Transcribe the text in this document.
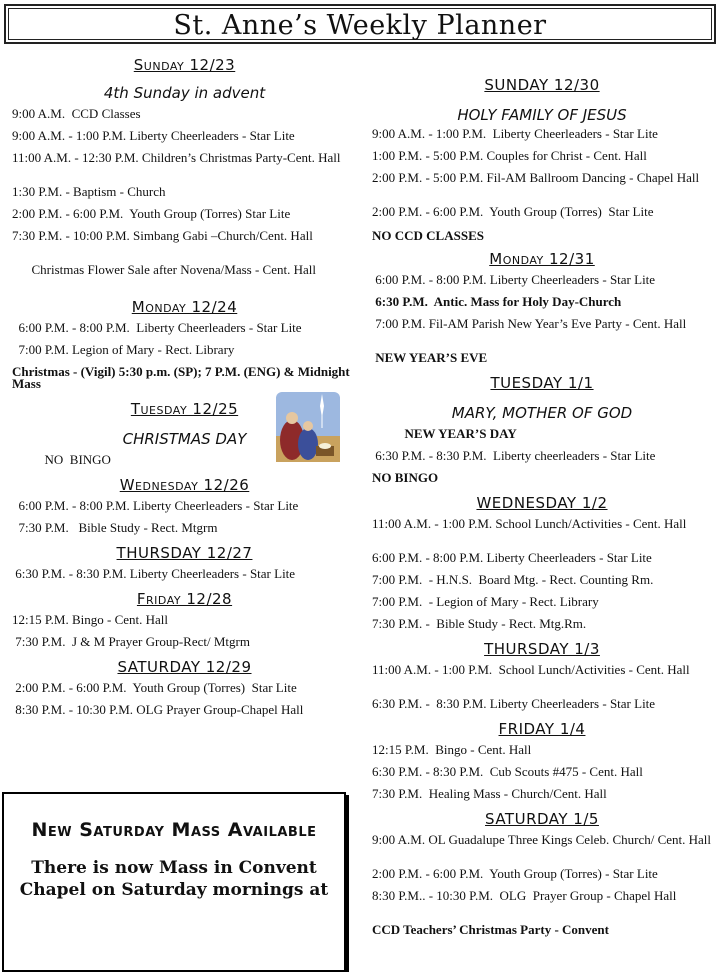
St. Anne’s Weekly Planner
Sunday 12/23
4th Sunday in advent
9:00 A.M.  CCD Classes
9:00 A.M. - 1:00 P.M. Liberty Cheerleaders - Star Lite
11:00 A.M. - 12:30 P.M. Children’s Christmas Party-Cent. Hall
1:30 P.M. - Baptism - Church
2:00 P.M. - 6:00 P.M.  Youth Group (Torres) Star Lite
7:30 P.M. - 10:00 P.M. Simbang Gabi –Church/Cent. Hall
Christmas Flower Sale after Novena/Mass - Cent. Hall
Monday 12/24
6:00 P.M. - 8:00 P.M.  Liberty Cheerleaders - Star Lite
7:00 P.M. Legion of Mary - Rect. Library
Christmas - (Vigil) 5:30 p.m. (SP); 7 P.M. (ENG) & Midnight Mass
Tuesday 12/25
CHRISTMAS DAY
NO  BINGO
Wednesday 12/26
6:00 P.M. - 8:00 P.M. Liberty Cheerleaders - Star Lite
7:30 P.M.   Bible Study - Rect. Mtgrm
THURSDAY 12/27
6:30 P.M. - 8:30 P.M. Liberty Cheerleaders - Star Lite
Friday 12/28
12:15 P.M. Bingo - Cent. Hall
7:30 P.M.  J & M Prayer Group-Rect/ Mtgrm
SATURDAY 12/29
2:00 P.M. - 6:00 P.M.  Youth Group (Torres)  Star Lite
8:30 P.M. - 10:30 P.M. OLG Prayer Group-Chapel Hall
SUNDAY 12/30
HOLY FAMILY OF JESUS
9:00 A.M. - 1:00 P.M.  Liberty Cheerleaders - Star Lite
1:00 P.M. - 5:00 P.M. Couples for Christ - Cent. Hall
2:00 P.M. - 5:00 P.M. Fil-AM Ballroom Dancing - Chapel Hall
2:00 P.M. - 6:00 P.M.  Youth Group (Torres)  Star Lite
NO CCD CLASSES
Monday 12/31
6:00 P.M. - 8:00 P.M. Liberty Cheerleaders - Star Lite
6:30 P.M.  Antic. Mass for Holy Day-Church
7:00 P.M. Fil-AM Parish New Year’s Eve Party - Cent. Hall
NEW YEAR’S EVE
TUESDAY 1/1
MARY, MOTHER OF GOD
NEW YEAR’S DAY
6:30 P.M. - 8:30 P.M.  Liberty cheerleaders - Star Lite
NO BINGO
WEDNESDAY 1/2
11:00 A.M. - 1:00 P.M. School Lunch/Activities - Cent. Hall
6:00 P.M. - 8:00 P.M. Liberty Cheerleaders - Star Lite
7:00 P.M.  - H.N.S.  Board Mtg. - Rect. Counting Rm.
7:00 P.M.  - Legion of Mary - Rect. Library
7:30 P.M. -  Bible Study - Rect. Mtg.Rm.
THURSDAY 1/3
11:00 A.M. - 1:00 P.M.  School Lunch/Activities - Cent. Hall
6:30 P.M. -  8:30 P.M. Liberty Cheerleaders - Star Lite
FRIDAY 1/4
12:15 P.M.  Bingo - Cent. Hall
6:30 P.M. - 8:30 P.M.  Cub Scouts #475 - Cent. Hall
7:30 P.M.  Healing Mass - Church/Cent. Hall
SATURDAY 1/5
9:00 A.M. OL Guadalupe Three Kings Celeb. Church/ Cent. Hall
2:00 P.M. - 6:00 P.M.  Youth Group (Torres) - Star Lite
8:30 P.M.. - 10:30 P.M.  OLG  Prayer Group - Chapel Hall
CCD Teachers’ Christmas Party - Convent
New Saturday Mass Available
There is now Mass in Convent Chapel on Saturday mornings at
